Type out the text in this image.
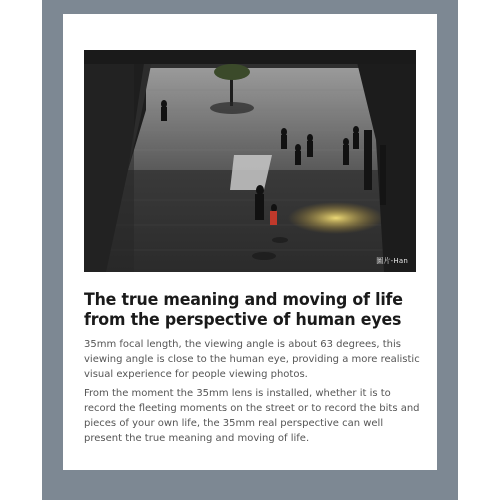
圖片-Han
The true meaning and moving of life
from the perspective of human eyes

35mm focal length, the viewing angle is about 63 degrees, this viewing angle is close to the human eye, providing a more realistic visual experience for people viewing photos.

From the moment the 35mm lens is installed, whether it is to record the fleeting moments on the street or to record the bits and pieces of your own life, the 35mm real perspective can well present the true meaning and moving of life.
